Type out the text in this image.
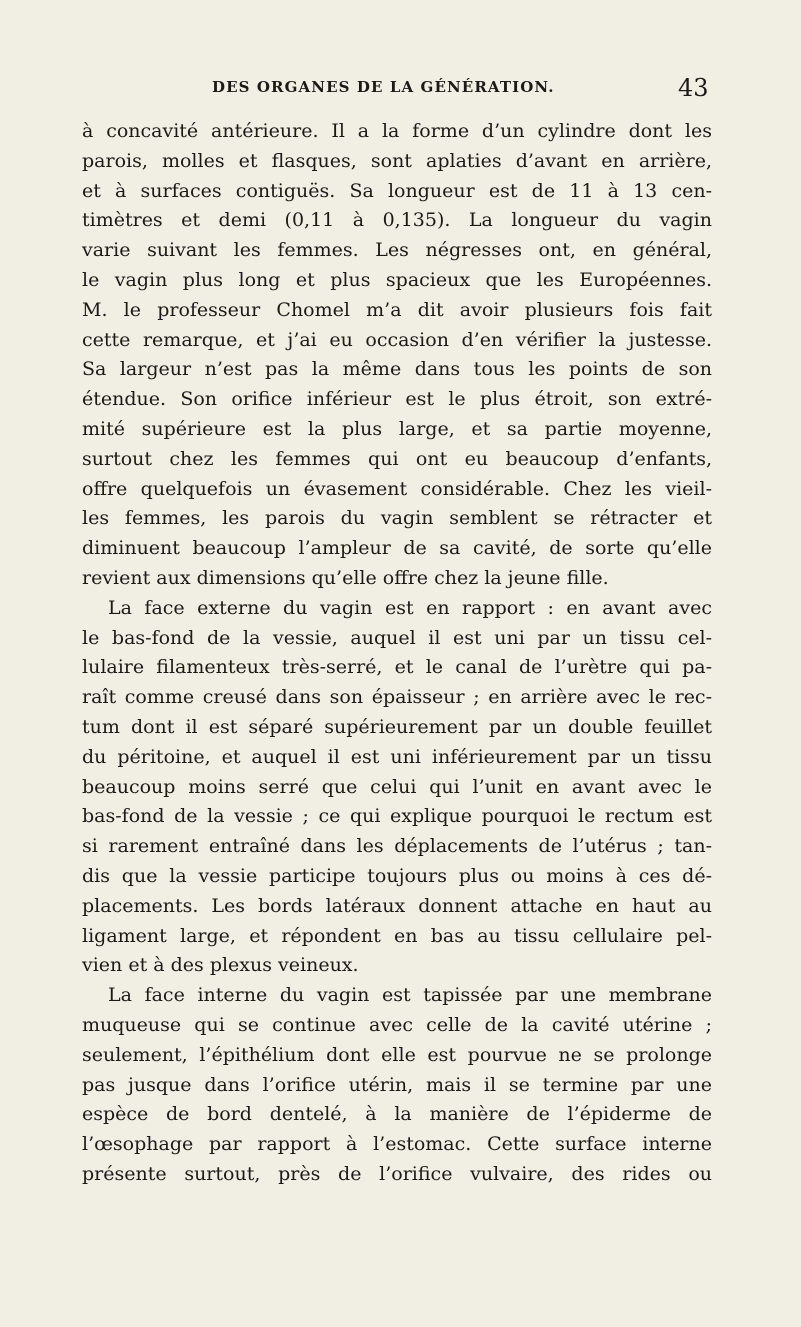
DES ORGANES DE LA GÉNÉRATION.	43
à concavité antérieure. Il a la forme d’un cylindre dont les
parois, molles et flasques, sont aplaties d’avant en arrière,
et à surfaces contiguës. Sa longueur est de 11 à 13 cen-
timètres et demi (0,11 à 0,135). La longueur du vagin
varie suivant les femmes. Les négresses ont, en général,
le vagin plus long et plus spacieux que les Européennes.
M. le professeur Chomel m’a dit avoir plusieurs fois fait
cette remarque, et j’ai eu occasion d’en vérifier la justesse.
Sa largeur n’est pas la même dans tous les points de son
étendue. Son orifice inférieur est le plus étroit, son extré-
mité supérieure est la plus large, et sa partie moyenne,
surtout chez les femmes qui ont eu beaucoup d’enfants,
offre quelquefois un évasement considérable. Chez les vieil-
les femmes, les parois du vagin semblent se rétracter et
diminuent beaucoup l’ampleur de sa cavité, de sorte qu’elle
revient aux dimensions qu’elle offre chez la jeune fille.
La face externe du vagin est en rapport : en avant avec
le bas-fond de la vessie, auquel il est uni par un tissu cel-
lulaire filamenteux très-serré, et le canal de l’urètre qui pa-
raît comme creusé dans son épaisseur ; en arrière avec le rec-
tum dont il est séparé supérieurement par un double feuillet
du péritoine, et auquel il est uni inférieurement par un tissu
beaucoup moins serré que celui qui l’unit en avant avec le
bas-fond de la vessie ; ce qui explique pourquoi le rectum est
si rarement entraîné dans les déplacements de l’utérus ; tan-
dis que la vessie participe toujours plus ou moins à ces dé-
placements. Les bords latéraux donnent attache en haut au
ligament large, et répondent en bas au tissu cellulaire pel-
vien et à des plexus veineux.
La face interne du vagin est tapissée par une membrane
muqueuse qui se continue avec celle de la cavité utérine ;
seulement, l’épithélium dont elle est pourvue ne se prolonge
pas jusque dans l’orifice utérin, mais il se termine par une
espèce de bord dentelé, à la manière de l’épiderme de
l’œsophage par rapport à l’estomac. Cette surface interne
présente surtout, près de l’orifice vulvaire, des rides ou
